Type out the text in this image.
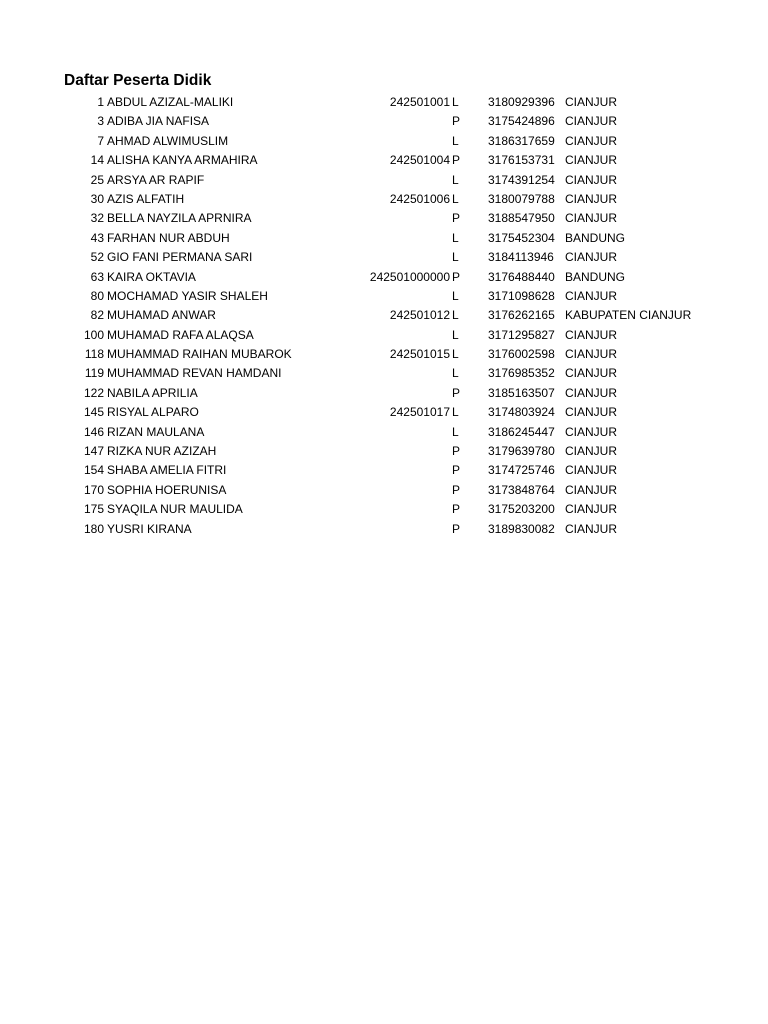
Daftar Peserta Didik
1 ABDUL AZIZAL-MALIKI	242501001 L 3180929396 CIANJUR
3 ADIBA JIA NAFISA	P 3175424896 CIANJUR
7 AHMAD ALWIMUSLIM	L 3186317659 CIANJUR
14 ALISHA KANYA ARMAHIRA	242501004 P 3176153731 CIANJUR
25 ARSYA AR RAPIF	L 3174391254 CIANJUR
30 AZIS ALFATIH	242501006 L 3180079788 CIANJUR
32 BELLA NAYZILA APRNIRA	P 3188547950 CIANJUR
43 FARHAN NUR ABDUH	L 3175452304 BANDUNG
52 GIO FANI PERMANA SARI	L 3184113946 CIANJUR
63 KAIRA OKTAVIA	242501000000 P 3176488440 BANDUNG
80 MOCHAMAD YASIR SHALEH	L 3171098628 CIANJUR
82 MUHAMAD ANWAR	242501012 L 3176262165 KABUPATEN CIANJUR
100 MUHAMAD RAFA ALAQSA	L 3171295827 CIANJUR
118 MUHAMMAD RAIHAN MUBAROK	242501015 L 3176002598 CIANJUR
119 MUHAMMAD REVAN HAMDANI	L 3176985352 CIANJUR
122 NABILA APRILIA	P 3185163507 CIANJUR
145 RISYAL ALPARO	242501017 L 3174803924 CIANJUR
146 RIZAN MAULANA	L 3186245447 CIANJUR
147 RIZKA NUR AZIZAH	P 3179639780 CIANJUR
154 SHABA AMELIA FITRI	P 3174725746 CIANJUR
170 SOPHIA HOERUNISA	P 3173848764 CIANJUR
175 SYAQILA NUR MAULIDA	P 3175203200 CIANJUR
180 YUSRI KIRANA	P 3189830082 CIANJUR
